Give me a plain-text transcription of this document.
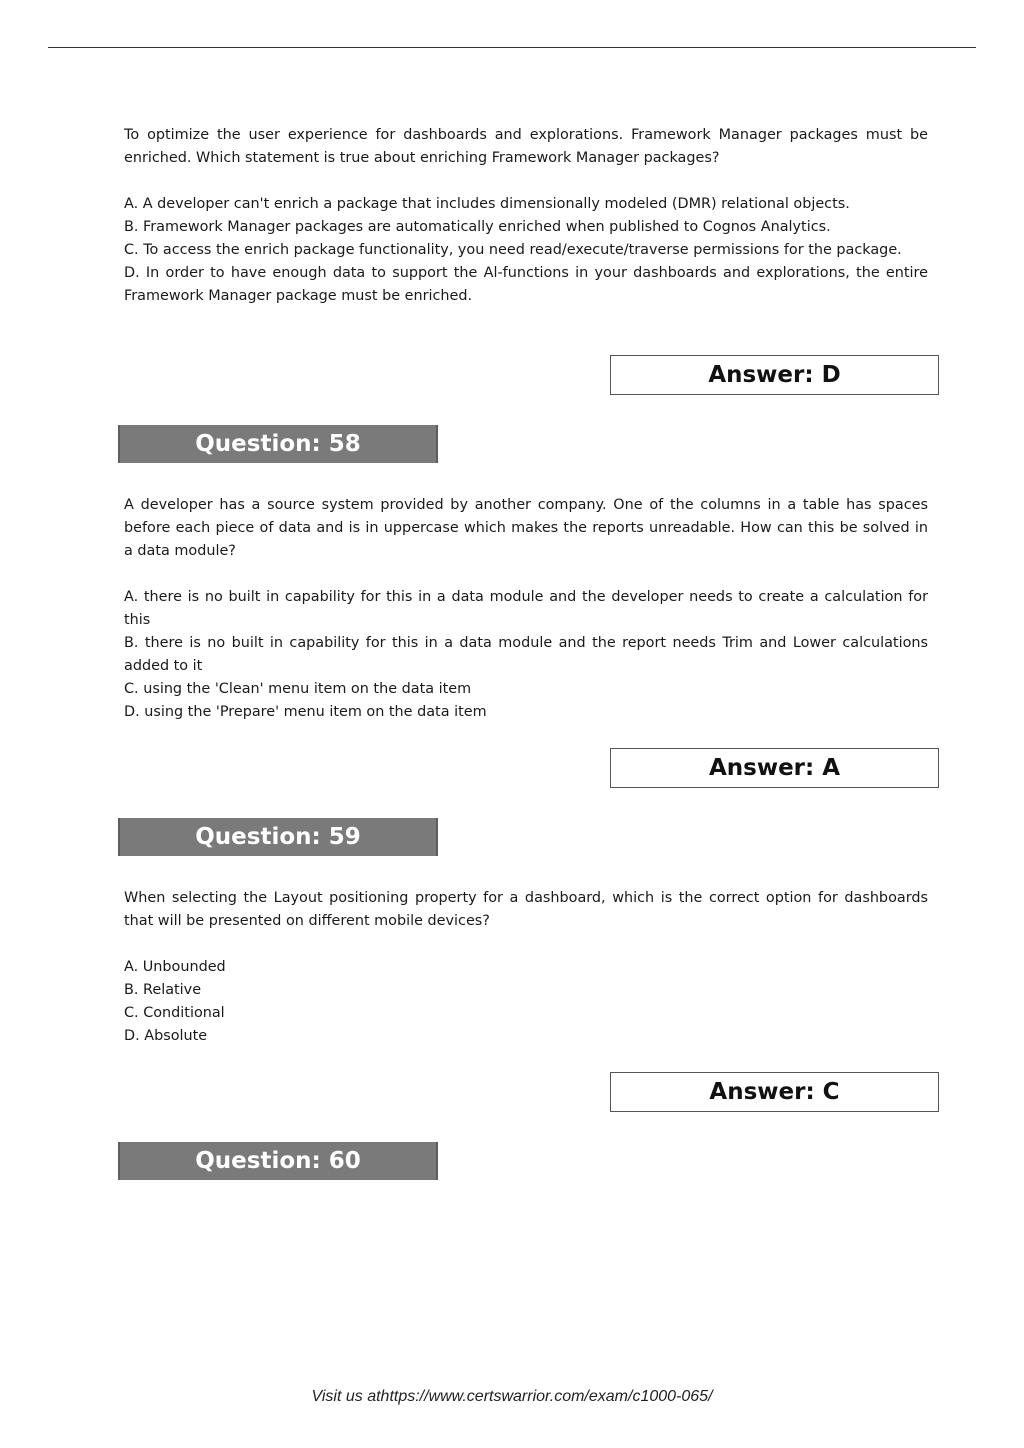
To optimize the user experience for dashboards and explorations. Framework Manager packages must be enriched. Which statement is true about enriching Framework Manager packages?

A. A developer can't enrich a package that includes dimensionally modeled (DMR) relational objects.

B. Framework Manager packages are automatically enriched when published to Cognos Analytics.

C. To access the enrich package functionality, you need read/execute/traverse permissions for the package.

D. In order to have enough data to support the Al-functions in your dashboards and explorations, the entire Framework Manager package must be enriched.

Answer: D
Question: 58

A developer has a source system provided by another company. One of the columns in a table has spaces before each piece of data and is in uppercase which makes the reports unreadable. How can this be solved in a data module?

A. there is no built in capability for this in a data module and the developer needs to create a calculation for this

B. there is no built in capability for this in a data module and the report needs Trim and Lower calculations added to it

C. using the 'Clean' menu item on the data item

D. using the 'Prepare' menu item on the data item

Answer: A
Question: 59

When selecting the Layout positioning property for a dashboard, which is the correct option for dashboards that will be presented on different mobile devices?

A. Unbounded

B. Relative

C. Conditional

D. Absolute

Answer: C
Question: 60
Visit us athttps://www.certswarrior.com/exam/c1000-065/
